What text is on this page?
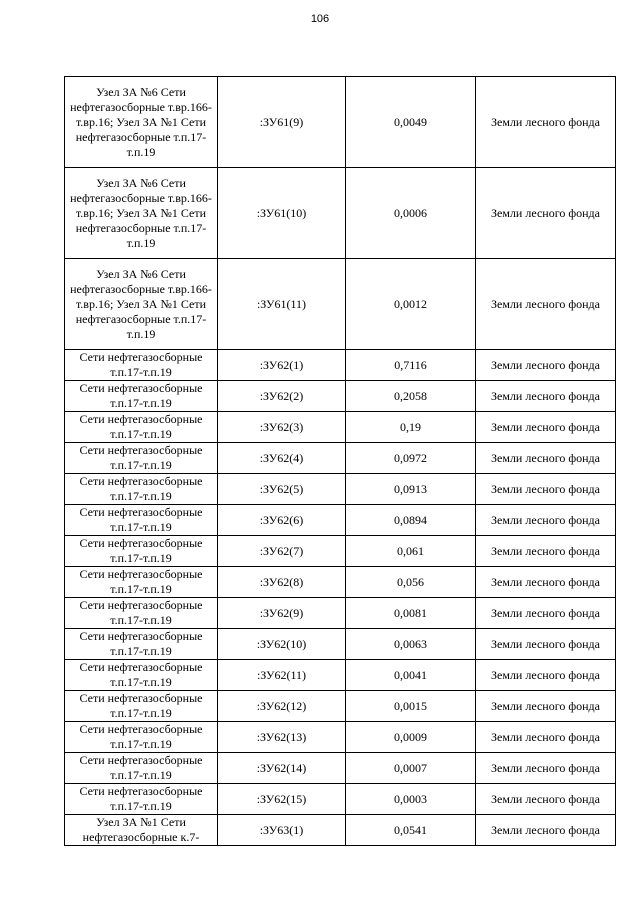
106
Узел ЗА №6 Сети нефтегазосборные т.вр.166-т.вр.16; Узел ЗА №1 Сети нефтегазосборные т.п.17-т.п.19	:ЗУ61(9)	0,0049	Земли лесного фонда
Узел ЗА №6 Сети нефтегазосборные т.вр.166-т.вр.16; Узел ЗА №1 Сети нефтегазосборные т.п.17-т.п.19	:ЗУ61(10)	0,0006	Земли лесного фонда
Узел ЗА №6 Сети нефтегазосборные т.вр.166-т.вр.16; Узел ЗА №1 Сети нефтегазосборные т.п.17-т.п.19	:ЗУ61(11)	0,0012	Земли лесного фонда
Сети нефтегазосборные т.п.17-т.п.19	:ЗУ62(1)	0,7116	Земли лесного фонда
Сети нефтегазосборные т.п.17-т.п.19	:ЗУ62(2)	0,2058	Земли лесного фонда
Сети нефтегазосборные т.п.17-т.п.19	:ЗУ62(3)	0,19	Земли лесного фонда
Сети нефтегазосборные т.п.17-т.п.19	:ЗУ62(4)	0,0972	Земли лесного фонда
Сети нефтегазосборные т.п.17-т.п.19	:ЗУ62(5)	0,0913	Земли лесного фонда
Сети нефтегазосборные т.п.17-т.п.19	:ЗУ62(6)	0,0894	Земли лесного фонда
Сети нефтегазосборные т.п.17-т.п.19	:ЗУ62(7)	0,061	Земли лесного фонда
Сети нефтегазосборные т.п.17-т.п.19	:ЗУ62(8)	0,056	Земли лесного фонда
Сети нефтегазосборные т.п.17-т.п.19	:ЗУ62(9)	0,0081	Земли лесного фонда
Сети нефтегазосборные т.п.17-т.п.19	:ЗУ62(10)	0,0063	Земли лесного фонда
Сети нефтегазосборные т.п.17-т.п.19	:ЗУ62(11)	0,0041	Земли лесного фонда
Сети нефтегазосборные т.п.17-т.п.19	:ЗУ62(12)	0,0015	Земли лесного фонда
Сети нефтегазосборные т.п.17-т.п.19	:ЗУ62(13)	0,0009	Земли лесного фонда
Сети нефтегазосборные т.п.17-т.п.19	:ЗУ62(14)	0,0007	Земли лесного фонда
Сети нефтегазосборные т.п.17-т.п.19	:ЗУ62(15)	0,0003	Земли лесного фонда
Узел ЗА №1 Сети нефтегазосборные к.7-	:ЗУ63(1)	0,0541	Земли лесного фонда
